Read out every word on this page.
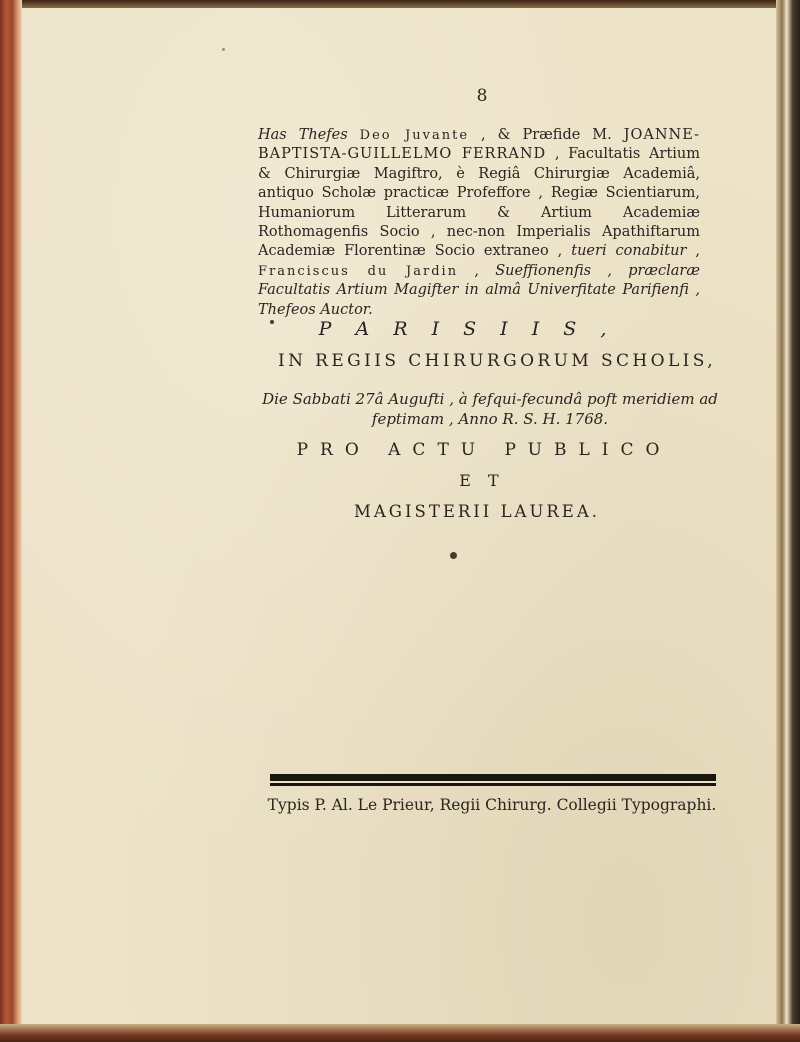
8

Has Thefes Deo Juvante , & Præfide M. JOANNE-BAPTISTA-GUILLELMO FERRAND , Facultatis Artium & Chirurgiæ Magiftro, è Regiâ Chirurgiæ Academiâ, antiquo Scholæ practicæ Profeffore , Regiæ Scientiarum, Humaniorum Litterarum & Artium Academiæ Rothomagenfis Socio , nec-non Imperialis Apathiftarum Academiæ Florentinæ Socio extraneo , tueri conabitur , Franciscus du Jardin , Sueffionenfis , præclaræ Facultatis Artium Magifter in almâ Univerfitate Parifienfi , Thefeos Auctor.

P A R I S I I S ,
IN REGIIS CHIRURGORUM SCHOLIS,
Die Sabbati 27â Augufti , à fefqui-fecundâ poft meridiem ad feptimam , Anno R. S. H. 1768.
PRO ACTU PUBLICO
E T
MAGISTERII LAUREA.
Typis P. Al. Le Prieur, Regii Chirurg. Collegii Typographi.
